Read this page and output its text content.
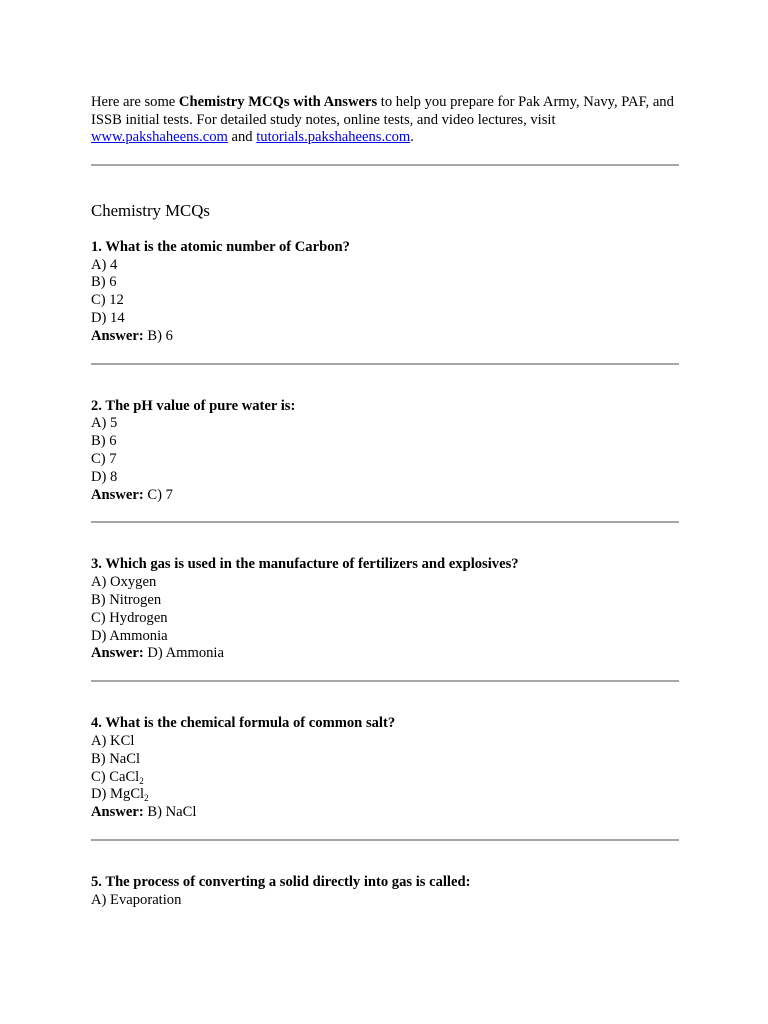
Here are some Chemistry MCQs with Answers to help you prepare for Pak Army, Navy, PAF, and ISSB initial tests. For detailed study notes, online tests, and video lectures, visit www.pakshaheens.com and tutorials.pakshaheens.com.

Chemistry MCQs
1. What is the atomic number of Carbon?
A) 4
B) 6
C) 12
D) 14
Answer: B) 6
2. The pH value of pure water is:
A) 5
B) 6
C) 7
D) 8
Answer: C) 7
3. Which gas is used in the manufacture of fertilizers and explosives?
A) Oxygen
B) Nitrogen
C) Hydrogen
D) Ammonia
Answer: D) Ammonia
4. What is the chemical formula of common salt?
A) KCl
B) NaCl
C) CaCl$_2$
D) MgCl$_2$
Answer: B) NaCl
5. The process of converting a solid directly into gas is called:
A) Evaporation
